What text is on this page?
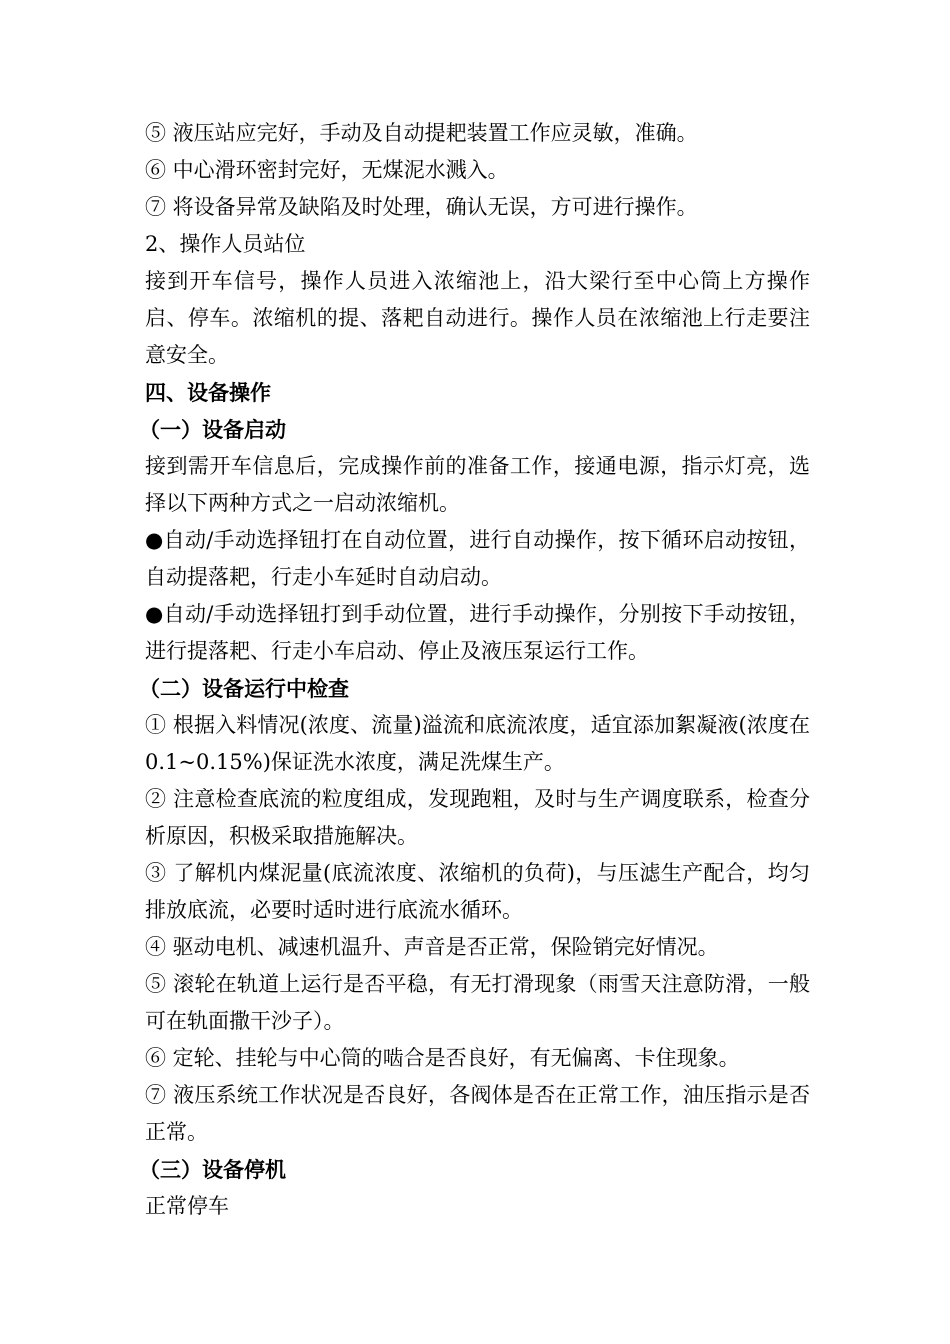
⑤ 液压站应完好，手动及自动提耙装置工作应灵敏，准确。

⑥ 中心滑环密封完好，无煤泥水溅入。

⑦ 将设备异常及缺陷及时处理，确认无误，方可进行操作。

2、操作人员站位

接到开车信号，操作人员进入浓缩池上，沿大梁行至中心筒上方操作启、停车。浓缩机的提、落耙自动进行。操作人员在浓缩池上行走要注意安全。

四、设备操作

（一）设备启动

接到需开车信息后，完成操作前的准备工作，接通电源，指示灯亮，选择以下两种方式之一启动浓缩机。

●自动/手动选择钮打在自动位置，进行自动操作，按下循环启动按钮，自动提落耙，行走小车延时自动启动。

●自动/手动选择钮打到手动位置，进行手动操作，分别按下手动按钮，进行提落耙、行走小车启动、停止及液压泵运行工作。

（二）设备运行中检查

① 根据入料情况(浓度、流量)溢流和底流浓度，适宜添加絮凝液(浓度在 0.1~0.15%)保证洗水浓度，满足洗煤生产。

② 注意检查底流的粒度组成，发现跑粗，及时与生产调度联系，检查分析原因，积极采取措施解决。

③ 了解机内煤泥量(底流浓度、浓缩机的负荷)，与压滤生产配合，均匀排放底流，必要时适时进行底流水循环。

④ 驱动电机、减速机温升、声音是否正常，保险销完好情况。

⑤ 滚轮在轨道上运行是否平稳，有无打滑现象（雨雪天注意防滑，一般可在轨面撒干沙子）。

⑥ 定轮、挂轮与中心筒的啮合是否良好，有无偏离、卡住现象。

⑦ 液压系统工作状况是否良好，各阀体是否在正常工作，油压指示是否正常。

（三）设备停机

正常停车
